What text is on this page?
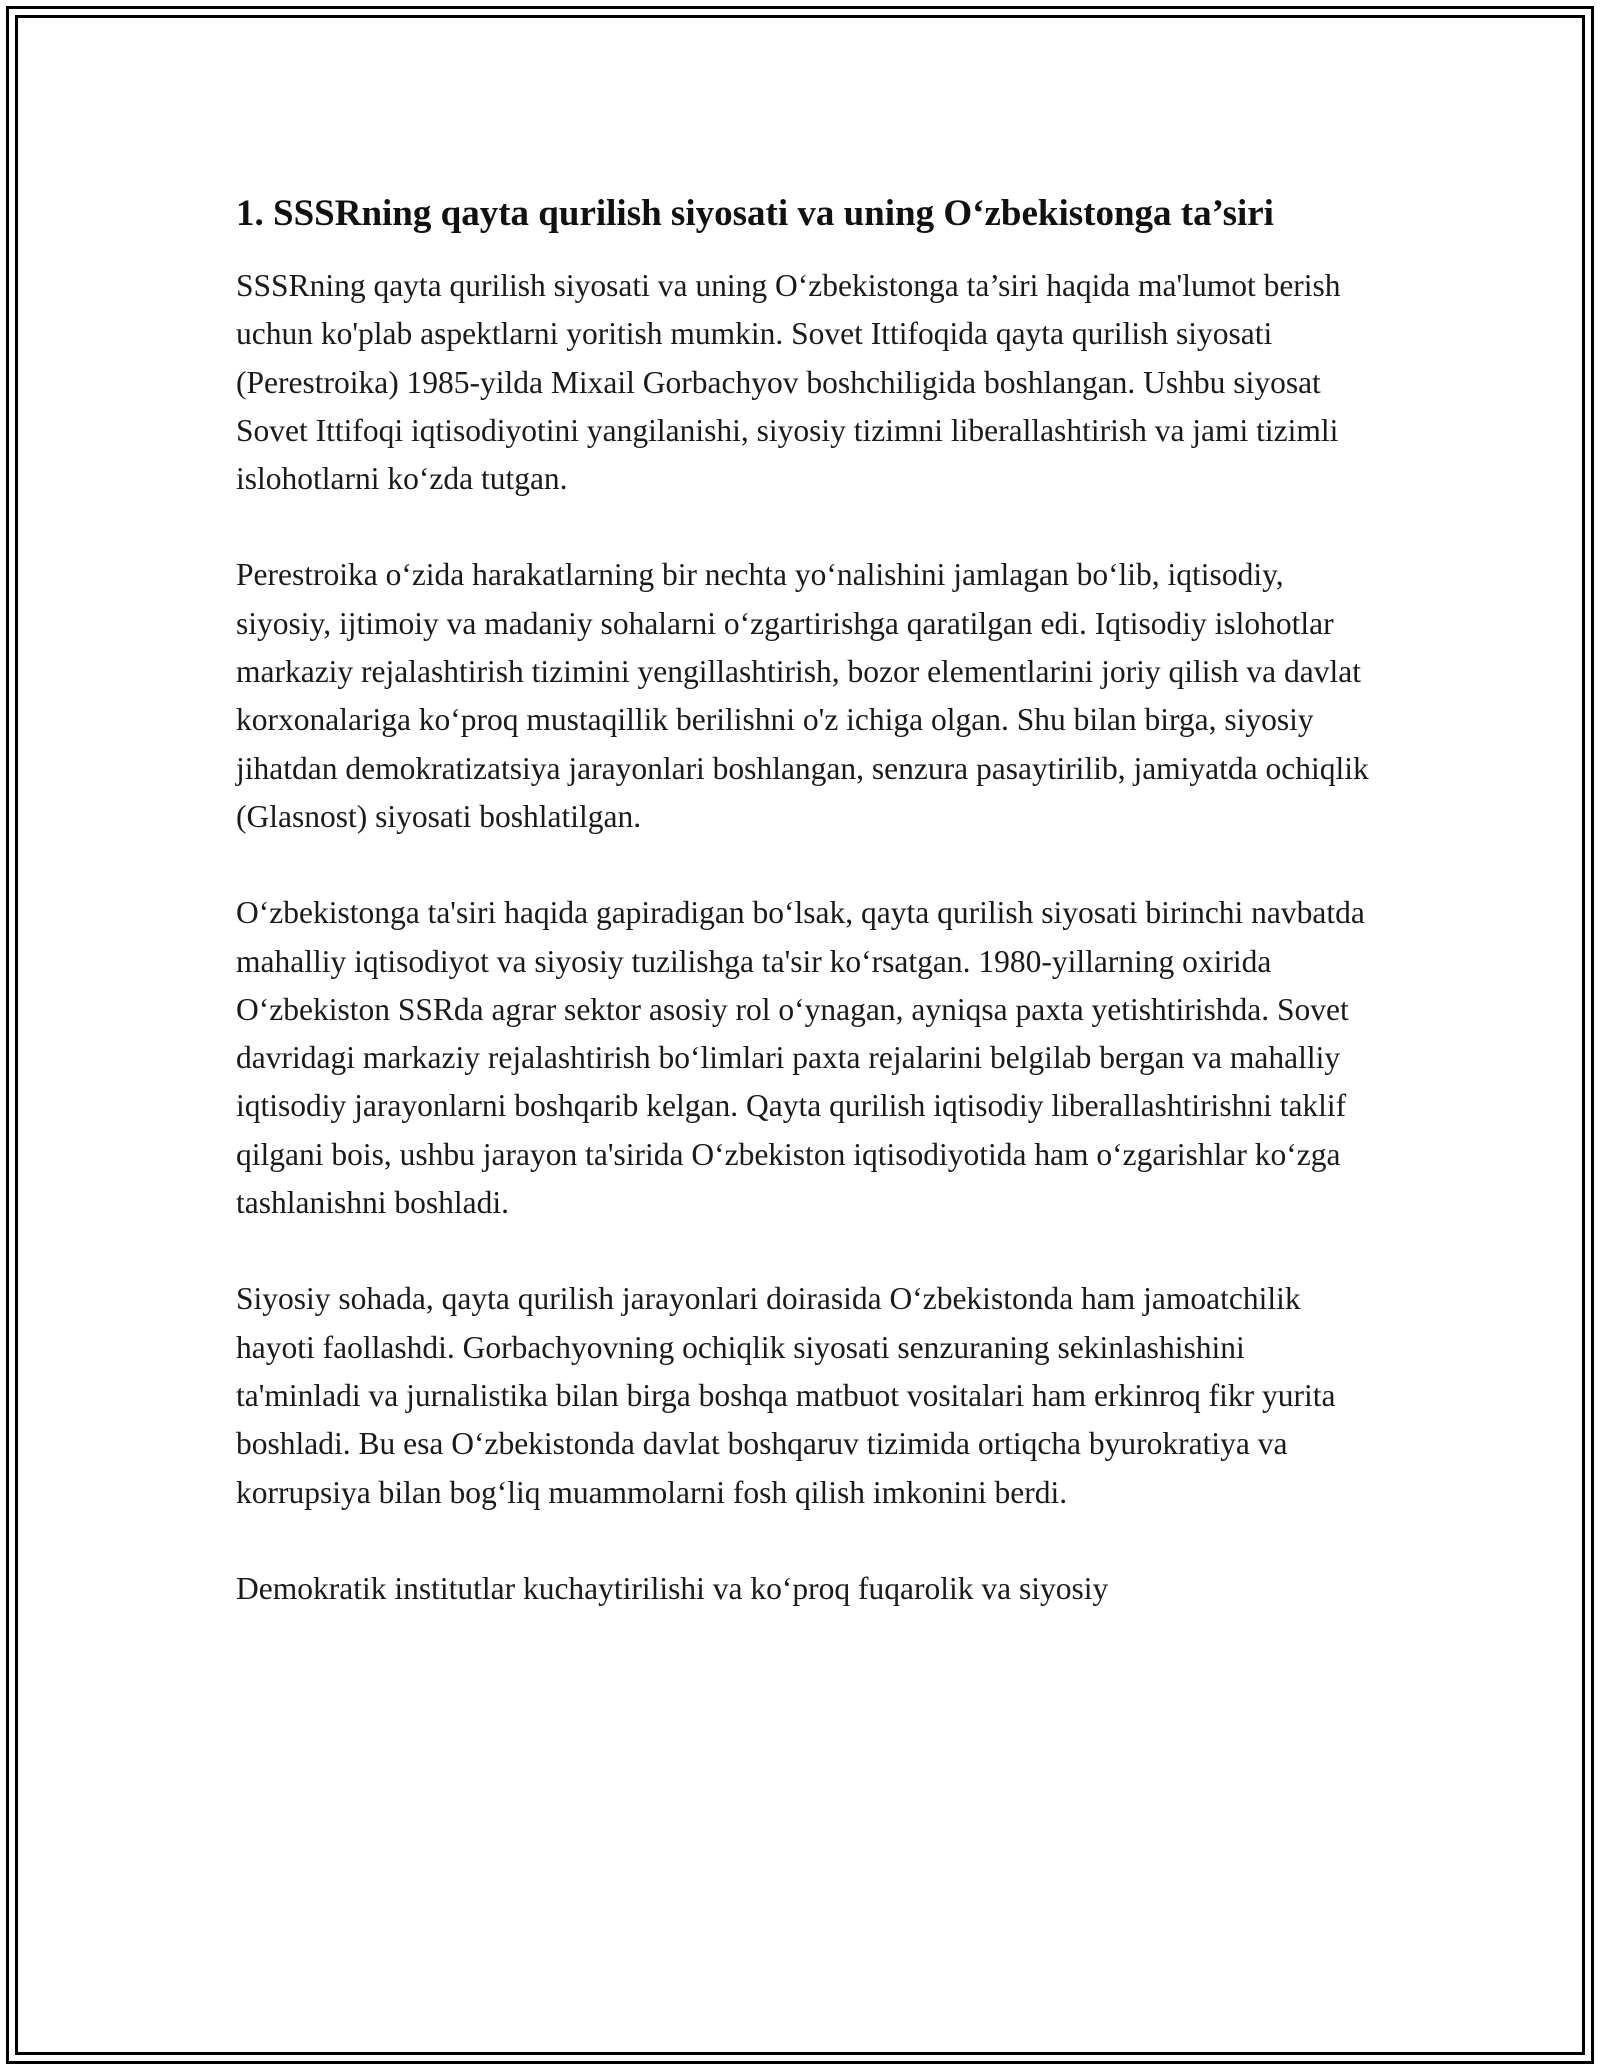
1. SSSRning qayta qurilish siyosati va uning O‘zbekistonga ta’siri

SSSRning qayta qurilish siyosati va uning O‘zbekistonga ta’siri haqida ma'lumot berish uchun ko'plab aspektlarni yoritish mumkin. Sovet Ittifoqida qayta qurilish siyosati (Perestroika) 1985-yilda Mixail Gorbachyov boshchiligida boshlangan. Ushbu siyosat Sovet Ittifoqi iqtisodiyotini yangilanishi, siyosiy tizimni liberallashtirish va jami tizimli islohotlarni ko‘zda tutgan.

Perestroika o‘zida harakatlarning bir nechta yo‘nalishini jamlagan bo‘lib, iqtisodiy, siyosiy, ijtimoiy va madaniy sohalarni o‘zgartirishga qaratilgan edi. Iqtisodiy islohotlar markaziy rejalashtirish tizimini yengillashtirish, bozor elementlarini joriy qilish va davlat korxonalariga ko‘proq mustaqillik berilishni o'z ichiga olgan. Shu bilan birga, siyosiy jihatdan demokratizatsiya jarayonlari boshlangan, senzura pasaytirilib, jamiyatda ochiqlik (Glasnost) siyosati boshlatilgan.

O‘zbekistonga ta'siri haqida gapiradigan bo‘lsak, qayta qurilish siyosati birinchi navbatda mahalliy iqtisodiyot va siyosiy tuzilishga ta'sir ko‘rsatgan. 1980-yillarning oxirida O‘zbekiston SSRda agrar sektor asosiy rol o‘ynagan, ayniqsa paxta yetishtirishda. Sovet davridagi markaziy rejalashtirish bo‘limlari paxta rejalarini belgilab bergan va mahalliy iqtisodiy jarayonlarni boshqarib kelgan. Qayta qurilish iqtisodiy liberallashtirishni taklif qilgani bois, ushbu jarayon ta'sirida O‘zbekiston iqtisodiyotida ham o‘zgarishlar ko‘zga tashlanishni boshladi.

Siyosiy sohada, qayta qurilish jarayonlari doirasida O‘zbekistonda ham jamoatchilik hayoti faollashdi. Gorbachyovning ochiqlik siyosati senzuraning sekinlashishini ta'minladi va jurnalistika bilan birga boshqa matbuot vositalari ham erkinroq fikr yurita boshladi. Bu esa O‘zbekistonda davlat boshqaruv tizimida ortiqcha byurokratiya va korrupsiya bilan bog‘liq muammolarni fosh qilish imkonini berdi.

Demokratik institutlar kuchaytirilishi va ko‘proq fuqarolik va siyosiy
